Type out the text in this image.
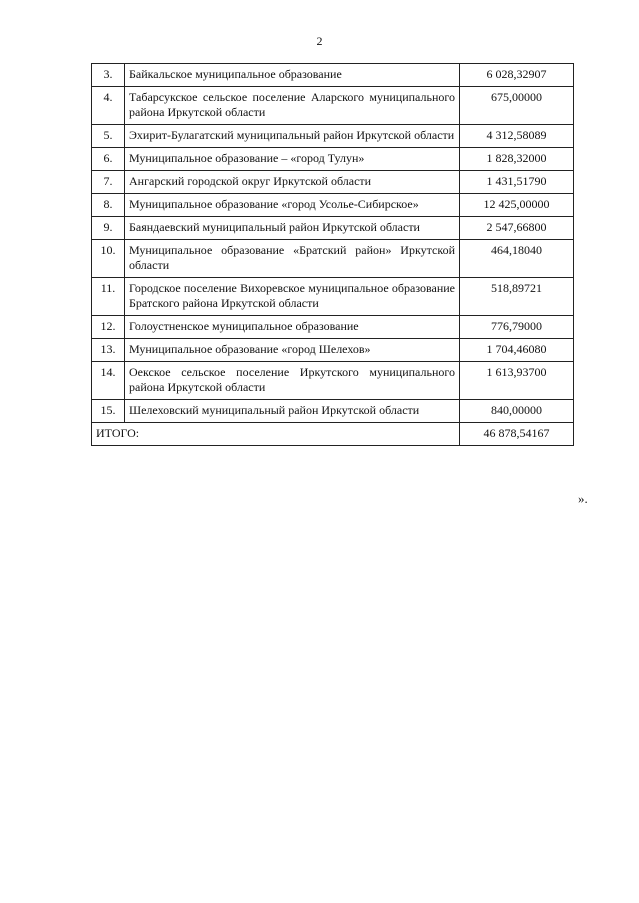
2
3.	Байкальское муниципальное образование	6 028,32907
4.	Табарсукское сельское поселение Аларского муниципального района Иркутской области	675,00000
5.	Эхирит-Булагатский муниципальный район Иркутской области	4 312,58089
6.	Муниципальное образование – «город Тулун»	1 828,32000
7.	Ангарский городской округ Иркутской области	1 431,51790
8.	Муниципальное образование «город Усолье-Сибирское»	12 425,00000
9.	Баяндаевский муниципальный район Иркутской области	2 547,66800
10.	Муниципальное образование «Братский район» Иркутской области	464,18040
11.	Городское поселение Вихоревское муниципальное образование Братского района Иркутской области	518,89721
12.	Голоустненское муниципальное образование	776,79000
13.	Муниципальное образование «город Шелехов»	1 704,46080
14.	Оекское сельское поселение Иркутского муниципального района Иркутской области	1 613,93700
15.	Шелеховский муниципальный район Иркутской области	840,00000
ИТОГО:		46 878,54167
».
